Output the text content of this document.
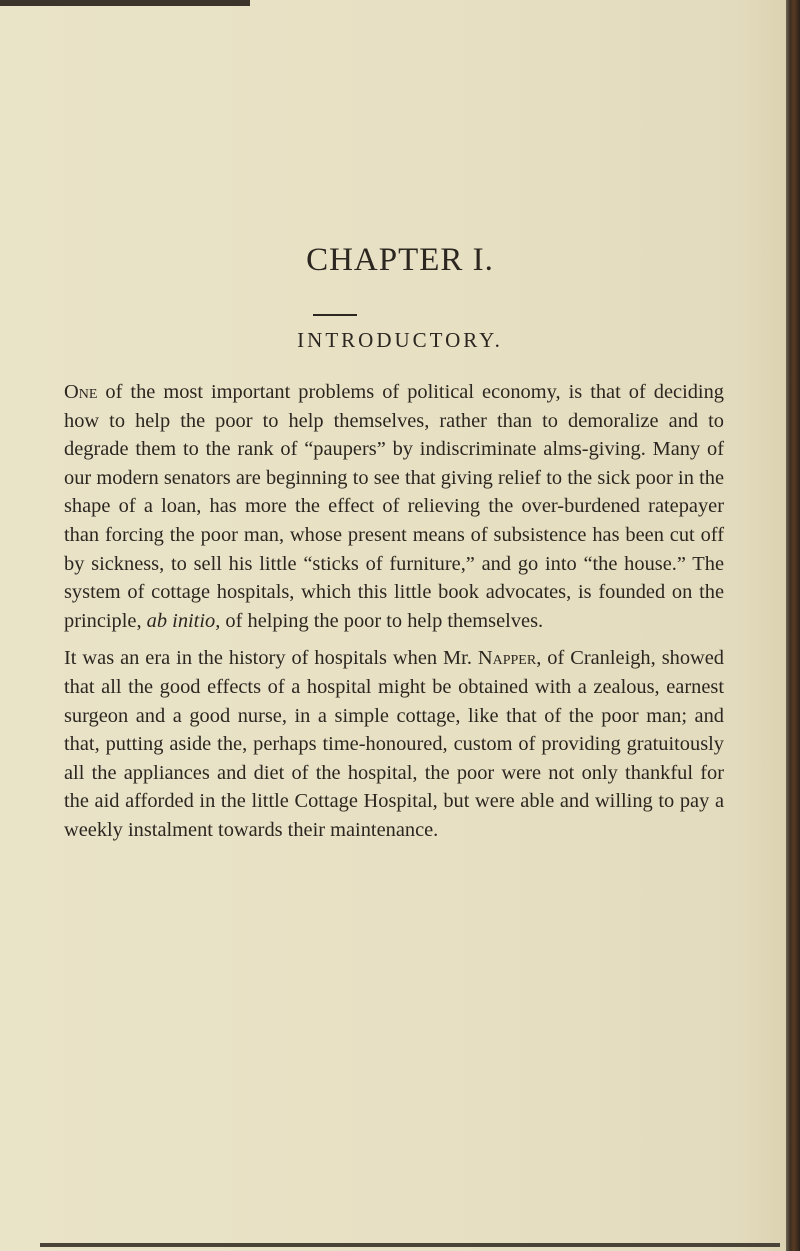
CHAPTER I.
INTRODUCTORY.

One of the most important problems of political economy, is that of deciding how to help the poor to help themselves, rather than to demoralize and to degrade them to the rank of “paupers” by indiscriminate alms-giving. Many of our modern senators are beginning to see that giving relief to the sick poor in the shape of a loan, has more the effect of relieving the over-burdened ratepayer than forcing the poor man, whose present means of subsistence has been cut off by sickness, to sell his little “sticks of furniture,” and go into “the house.” The system of cottage hospitals, which this little book advocates, is founded on the principle, ab initio, of helping the poor to help themselves.

It was an era in the history of hospitals when Mr. Napper, of Cranleigh, showed that all the good effects of a hospital might be obtained with a zealous, earnest surgeon and a good nurse, in a simple cottage, like that of the poor man; and that, putting aside the, perhaps time-honoured, custom of providing gratuitously all the appliances and diet of the hospital, the poor were not only thankful for the aid afforded in the little Cottage Hospital, but were able and willing to pay a weekly instalment towards their maintenance.
